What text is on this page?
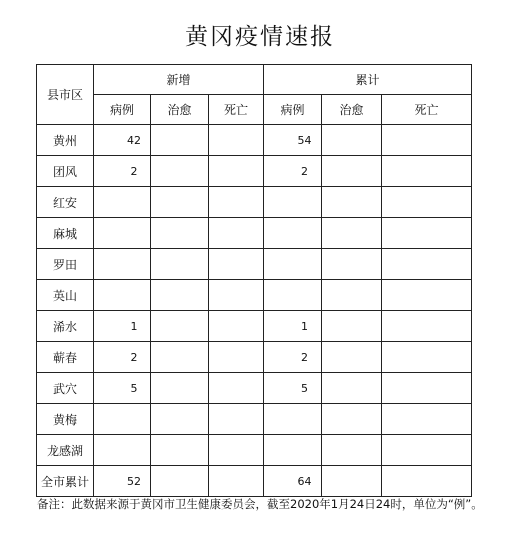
黄冈疫情速报
县市区	新增			累计		
	病例	治愈	死亡	病例	治愈	死亡
黄州	42			54		
团风	2			2		
红安						
麻城						
罗田						
英山						
浠水	1			1		
蕲春	2			2		
武穴	5			5		
黄梅						
龙感湖						
全市累计	52			64		
备注：此数据来源于黄冈市卫生健康委员会，截至2020年1月24日24时，单位为“例”。
